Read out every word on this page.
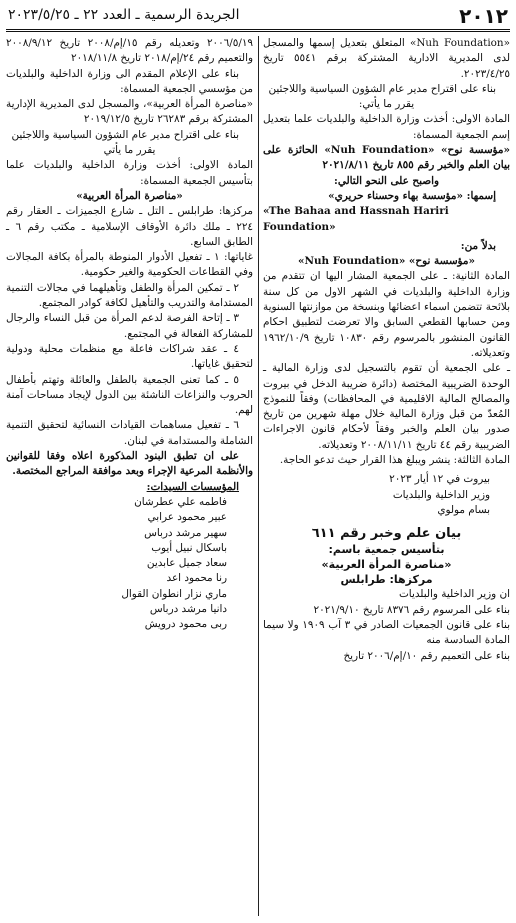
٢٠١٢
الجريدة الرسمية ـ العدد ٢٢ ـ ٢٠٢٣/٥/٢٥

«Nuh Foundation» المتعلق بتعديل إسمها والمسجل لدى المديرية الادارية المشتركة برقم ٥٥٤١ تاريخ ٢٠٢٣/٤/٢٥.

بناء على اقتراح مدير عام الشؤون السياسية واللاجئين

يقرر ما يأتي:

المادة الاولى: أخذت وزارة الداخلية والبلديات علما بتعديل إسم الجمعية المسماة:

«مؤسسة نوح» «Nuh Foundation» الحائزة على بيان العلم والخبر رقم ٨٥٥ تاريخ ٢٠٢١/٨/١١

واصبح على النحو التالي:

إسمها: «مؤسسة بهاء وحسناء حريري»

«The Bahaa and Hassnah Hariri Foundation»

بدلاً من:

«مؤسسة نوح» «Nuh Foundation»

المادة الثانية: ـ على الجمعية المشار اليها ان تتقدم من وزارة الداخلية والبلديات في الشهر الاول من كل سنة بلائحة تتضمن اسماء اعضائها وبنسخة من موازنتها السنوية ومن حسابها القطعي السابق والا تعرضت لتطبيق احكام القانون المنشور بالمرسوم رقم ١٠٨٣٠ تاريخ ١٩٦٢/١٠/٩ وتعديلاته.

ـ على الجمعية أن تقوم بالتسجيل لدى وزارة المالية ـ الوحدة الضريبية المختصة (دائرة ضريبة الدخل في بيروت والمصالح المالية الاقليمية في المحافظات) وفقاً للنموذج المُعدّ من قبل وزارة المالية خلال مهلة شهرين من تاريخ صدور بيان العلم والخبر وفقاً لأحكام قانون الاجراءات الضريبية رقم ٤٤ تاريخ ٢٠٠٨/١١/١١ وتعديلاته.

المادة الثالثة: ينشر ويبلغ هذا القرار حيث تدعو الحاجة.

بيروت في ١٢ أيار ٢٠٢٣

وزير الداخلية والبلديات

بسام مولوي

بيان علم وخبر رقم ٦١١

بتأسيس جمعية باسم:

«مناصرة المرأة العربية»

مركزها: طرابلس

ان وزير الداخلية والبلديات

بناء على المرسوم رقم ٨٣٧٦ تاريخ ٢٠٢١/٩/١٠

بناء على قانون الجمعيات الصادر في ٣ آب ١٩٠٩ ولا سيما المادة السادسة منه

بناء على التعميم رقم ١٠/إم/٢٠٠٦ تاريخ

٢٠٠٦/٥/١٩ وتعديله رقم ١٥/إم/٢٠٠٨ تاريخ ٢٠٠٨/٩/١٢ والتعميم رقم ٢٤/إم/٢٠١٨ تاريخ ٢٠١٨/١١/٨

بناء على الإعلام المقدم الى وزارة الداخلية والبلديات من مؤسسي الجمعية المسماة:

«مناصرة المرأة العربية»، والمسجل لدى المديرية الإدارية المشتركة برقم ٢٦٢٨٣ تاريخ ٢٠١٩/١٢/٥

بناء على اقتراح مدير عام الشؤون السياسية واللاجئين

يقرر ما يأتي

المادة الاولى: أخذت وزارة الداخلية والبلديات علما بتأسيس الجمعية المسماة:

«مناصرة المرأة العربية»

مركزها: طرابلس ـ التل ـ شارع الجميزات ـ العقار رقم ٢٢٤ ـ ملك دائرة الأوقاف الإسلامية ـ مكتب رقم ٦ ـ الطابق السابع.

غاياتها: ١ ـ تفعيل الأدوار المنوطة بالمرأة بكافة المجالات وفي القطاعات الحكومية والغير حكومية.

٢ ـ تمكين المرأة والطفل وتأهيلهما في مجالات التنمية المستدامة والتدريب والتأهيل لكافة كوادر المجتمع.

٣ ـ إتاحة الفرصة لدعم المرأة من قبل النساء والرجال للمشاركة الفعالة في المجتمع.

٤ ـ عقد شراكات فاعلة مع منظمات محلية ودولية لتحقيق غاياتها.

٥ ـ كما تعنى الجمعية بالطفل والعائلة وتهتم بأطفال الحروب والنزاعات الناشئة بين الدول لإيجاد مساحات آمنة لهم.

٦ ـ تفعيل مساهمات القيادات النسائية لتحقيق التنمية الشاملة والمستدامة في لبنان.

على ان تطبق البنود المذكورة اعلاه وفقا للقوانين والأنظمة المرعية الإجراء وبعد موافقة المراجع المختصة.

المؤسسات السيدات:

فاطمه علي عطرشان

عبير محمود عرابي

سهير مرشد درباس

باسكال نبيل أيوب

سعاد جميل عابدين

رنا محمود اعد

ماري نزار انطوان القوال

دانيا مرشد درباس

ربى محمود درويش
